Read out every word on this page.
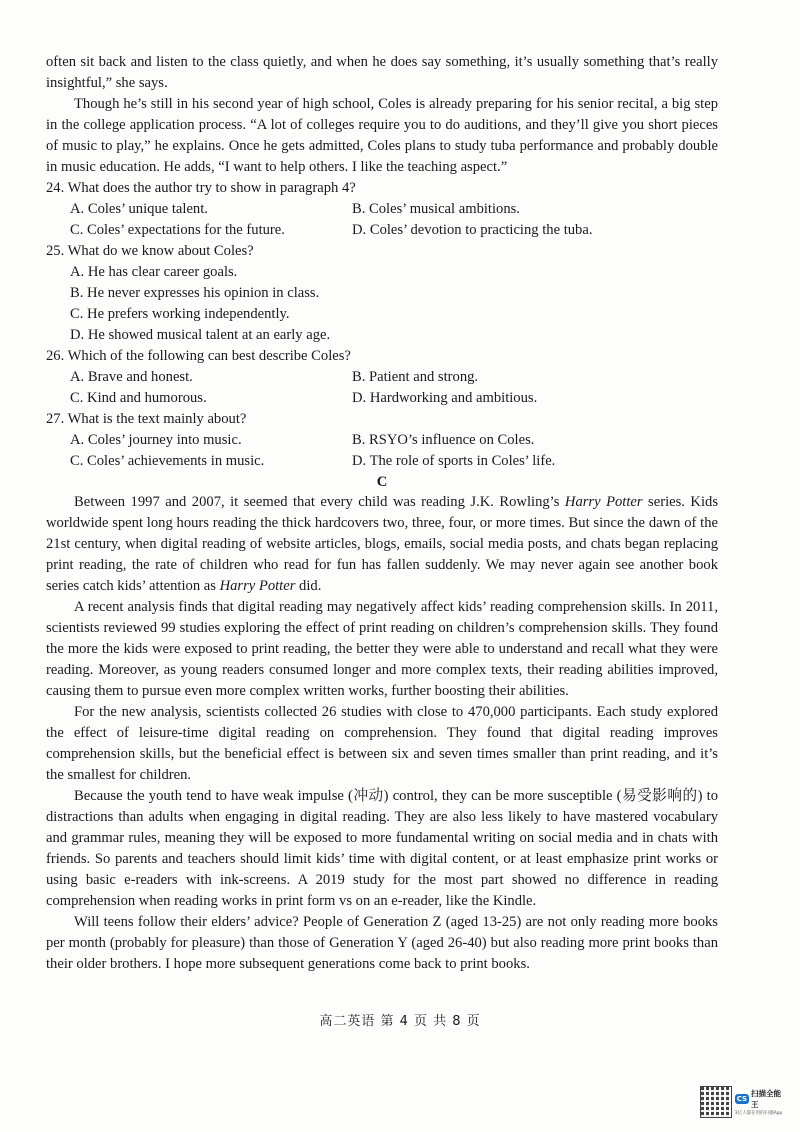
often sit back and listen to the class quietly, and when he does say something, it’s usually something that’s really insightful,” she says.

Though he’s still in his second year of high school, Coles is already preparing for his senior recital, a big step in the college application process. “A lot of colleges require you to do auditions, and they’ll give you short pieces of music to play,” he explains. Once he gets admitted, Coles plans to study tuba performance and probably double in music education. He adds, “I want to help others. I like the teaching aspect.”

24. What does the author try to show in paragraph 4?

A. Coles’ unique talent.	B. Coles’ musical ambitions.
C. Coles’ expectations for the future.	D. Coles’ devotion to practicing the tuba.

25. What do we know about Coles?

A. He has clear career goals.
B. He never expresses his opinion in class.
C. He prefers working independently.
D. He showed musical talent at an early age.

26. Which of the following can best describe Coles?

A. Brave and honest.	B. Patient and strong.
C. Kind and humorous.	D. Hardworking and ambitious.

27. What is the text mainly about?

A. Coles’ journey into music.	B. RSYO’s influence on Coles.
C. Coles’ achievements in music.	D. The role of sports in Coles’ life.

C

Between 1997 and 2007, it seemed that every child was reading J.K. Rowling’s Harry Potter series. Kids worldwide spent long hours reading the thick hardcovers two, three, four, or more times. But since the dawn of the 21st century, when digital reading of website articles, blogs, emails, social media posts, and chats began replacing print reading, the rate of children who read for fun has fallen suddenly. We may never again see another book series catch kids’ attention as Harry Potter did.

A recent analysis finds that digital reading may negatively affect kids’ reading comprehension skills. In 2011, scientists reviewed 99 studies exploring the effect of print reading on children’s comprehension skills. They found the more the kids were exposed to print reading, the better they were able to understand and recall what they were reading. Moreover, as young readers consumed longer and more complex texts, their reading abilities improved, causing them to pursue even more complex written works, further boosting their abilities.

For the new analysis, scientists collected 26 studies with close to 470,000 participants. Each study explored the effect of leisure-time digital reading on comprehension. They found that digital reading improves comprehension skills, but the beneficial effect is between six and seven times smaller than print reading, and it’s the smallest for children.

Because the youth tend to have weak impulse (冲动) control, they can be more susceptible (易受影响的) to distractions than adults when engaging in digital reading. They are also less likely to have mastered vocabulary and grammar rules, meaning they will be exposed to more fundamental writing on social media and in chats with friends. So parents and teachers should limit kids’ time with digital content, or at least emphasize print works or using basic e-readers with ink-screens. A 2019 study for the most part showed no difference in reading comprehension when reading works in print form vs on an e-reader, like the Kindle.

Will teens follow their elders’ advice? People of Generation Z (aged 13-25) are not only reading more books per month (probably for pleasure) than those of Generation Y (aged 26-40) but also reading more print books than their older brothers. I hope more subsequent generations come back to print books.

高二英语 第 4 页 共 8 页
CS
扫描全能王
3亿人都在用的扫描App
